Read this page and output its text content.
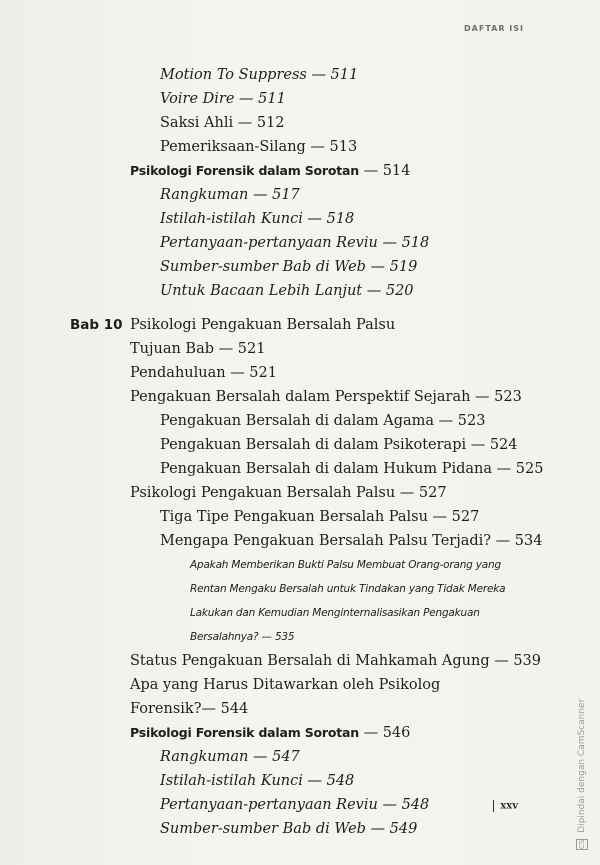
DAFTAR ISI
Motion To Suppress — 511
Voire Dire — 511
Saksi Ahli — 512
Pemeriksaan-Silang — 513
Psikologi Forensik dalam Sorotan — 514
Rangkuman — 517
Istilah-istilah Kunci — 518
Pertanyaan-pertanyaan Reviu — 518
Sumber-sumber Bab di Web — 519
Untuk Bacaan Lebih Lanjut — 520
Bab 10 Psikologi Pengakuan Bersalah Palsu
Tujuan Bab — 521
Pendahuluan — 521
Pengakuan Bersalah dalam Perspektif Sejarah — 523
Pengakuan Bersalah di dalam Agama — 523
Pengakuan Bersalah di dalam Psikoterapi — 524
Pengakuan Bersalah di dalam Hukum Pidana — 525
Psikologi Pengakuan Bersalah Palsu — 527
Tiga Tipe Pengakuan Bersalah Palsu — 527
Mengapa Pengakuan Bersalah Palsu Terjadi? — 534
Apakah Memberikan Bukti Palsu Membuat Orang-orang yang
Rentan Mengaku Bersalah untuk Tindakan yang Tidak Mereka
Lakukan dan Kemudian Menginternalisasikan Pengakuan
Bersalahnya? — 535
Status Pengakuan Bersalah di Mahkamah Agung — 539
Apa yang Harus Ditawarkan oleh Psikolog
Forensik?— 544
Psikologi Forensik dalam Sorotan — 546
Rangkuman — 547
Istilah-istilah Kunci — 548
Pertanyaan-pertanyaan Reviu — 548
Sumber-sumber Bab di Web — 549
xxv
CS Dipindai dengan CamScanner
